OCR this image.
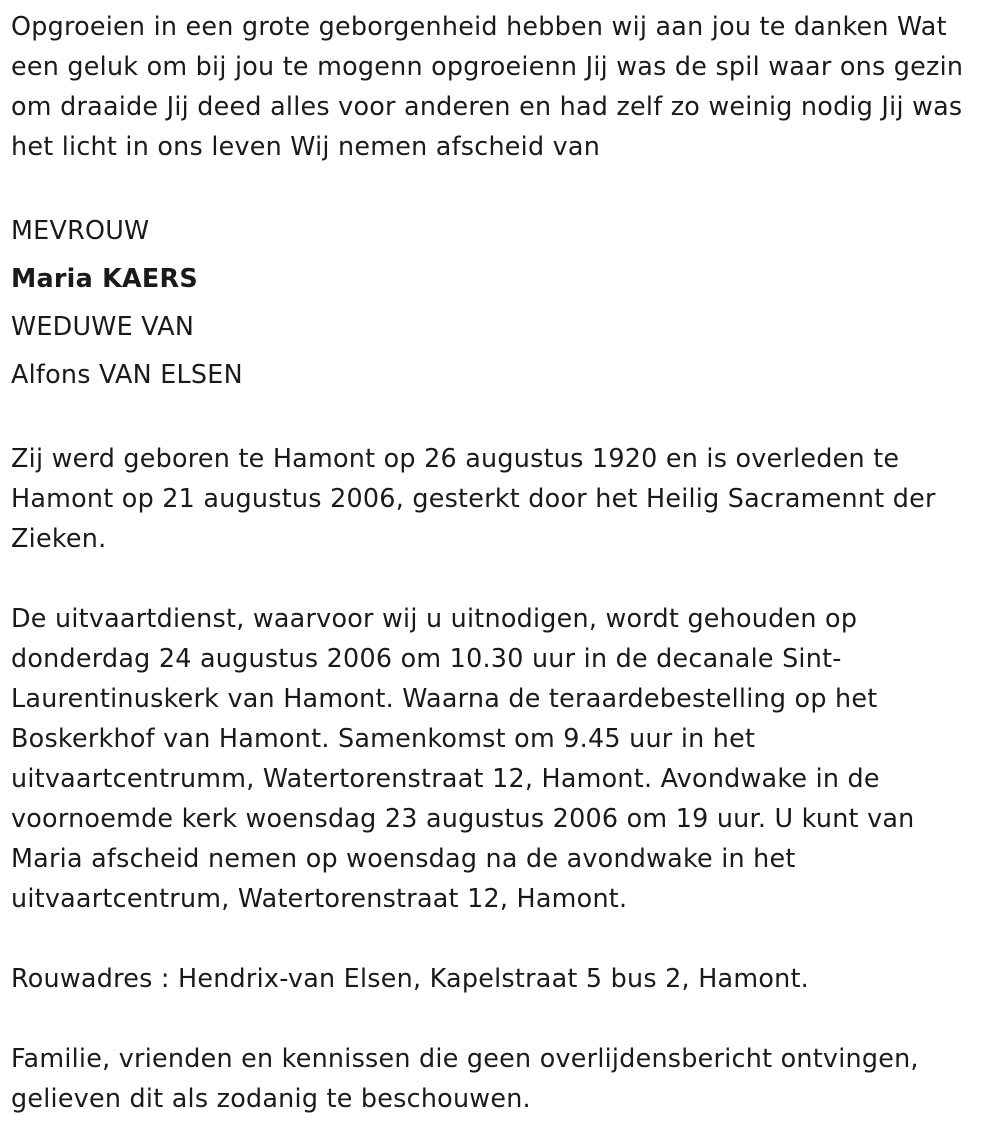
Opgroeien in een grote geborgenheid hebben wij aan jou te danken Wat een geluk om bij jou te mogenn opgroeienn Jij was de spil waar ons gezin om draaide Jij deed alles voor anderen en had zelf zo weinig nodig Jij was het licht in ons leven Wij nemen afscheid van

MEVROUW
Maria KAERS
WEDUWE VAN
Alfons VAN ELSEN

Zij werd geboren te Hamont op 26 augustus 1920 en is overleden te Hamont op 21 augustus 2006, gesterkt door het Heilig Sacramennt der Zieken.

De uitvaartdienst, waarvoor wij u uitnodigen, wordt gehouden op donderdag 24 augustus 2006 om 10.30 uur in de decanale Sint-Laurentinuskerk van Hamont. Waarna de teraardebestelling op het Boskerkhof van Hamont. Samenkomst om 9.45 uur in het uitvaartcentrumm, Watertorenstraat 12, Hamont. Avondwake in de voornoemde kerk woensdag 23 augustus 2006 om 19 uur. U kunt van Maria afscheid nemen op woensdag na de avondwake in het uitvaartcentrum, Watertorenstraat 12, Hamont.

Rouwadres : Hendrix-van Elsen, Kapelstraat 5 bus 2, Hamont.

Familie, vrienden en kennissen die geen overlijdensbericht ontvingen, gelieven dit als zodanig te beschouwen.
